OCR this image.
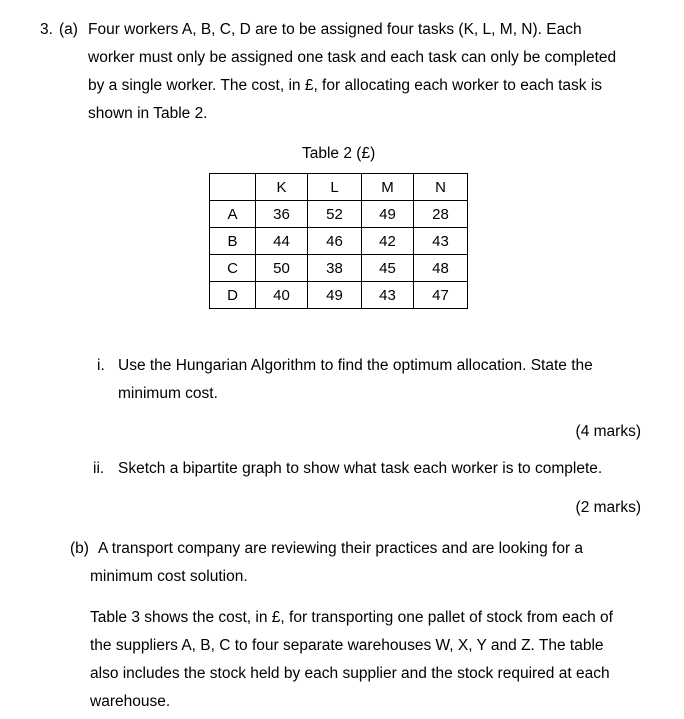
3. (a) Four workers A, B, C, D are to be assigned four tasks (K, L, M, N). Each
worker must only be assigned one task and each task can only be completed
by a single worker. The cost, in £, for allocating each worker to each task is
shown in Table 2.
Table 2 (£)
	K	L	M	N
A	36	52	49	28
B	44	46	42	43
C	50	38	45	48
D	40	49	43	47
i. Use the Hungarian Algorithm to find the optimum allocation. State the
minimum cost.
(4 marks)
ii. Sketch a bipartite graph to show what task each worker is to complete.
(2 marks)
(b) A transport company are reviewing their practices and are looking for a
minimum cost solution.
Table 3 shows the cost, in £, for transporting one pallet of stock from each of
the suppliers A, B, C to four separate warehouses W, X, Y and Z. The table
also includes the stock held by each supplier and the stock required at each
warehouse.
